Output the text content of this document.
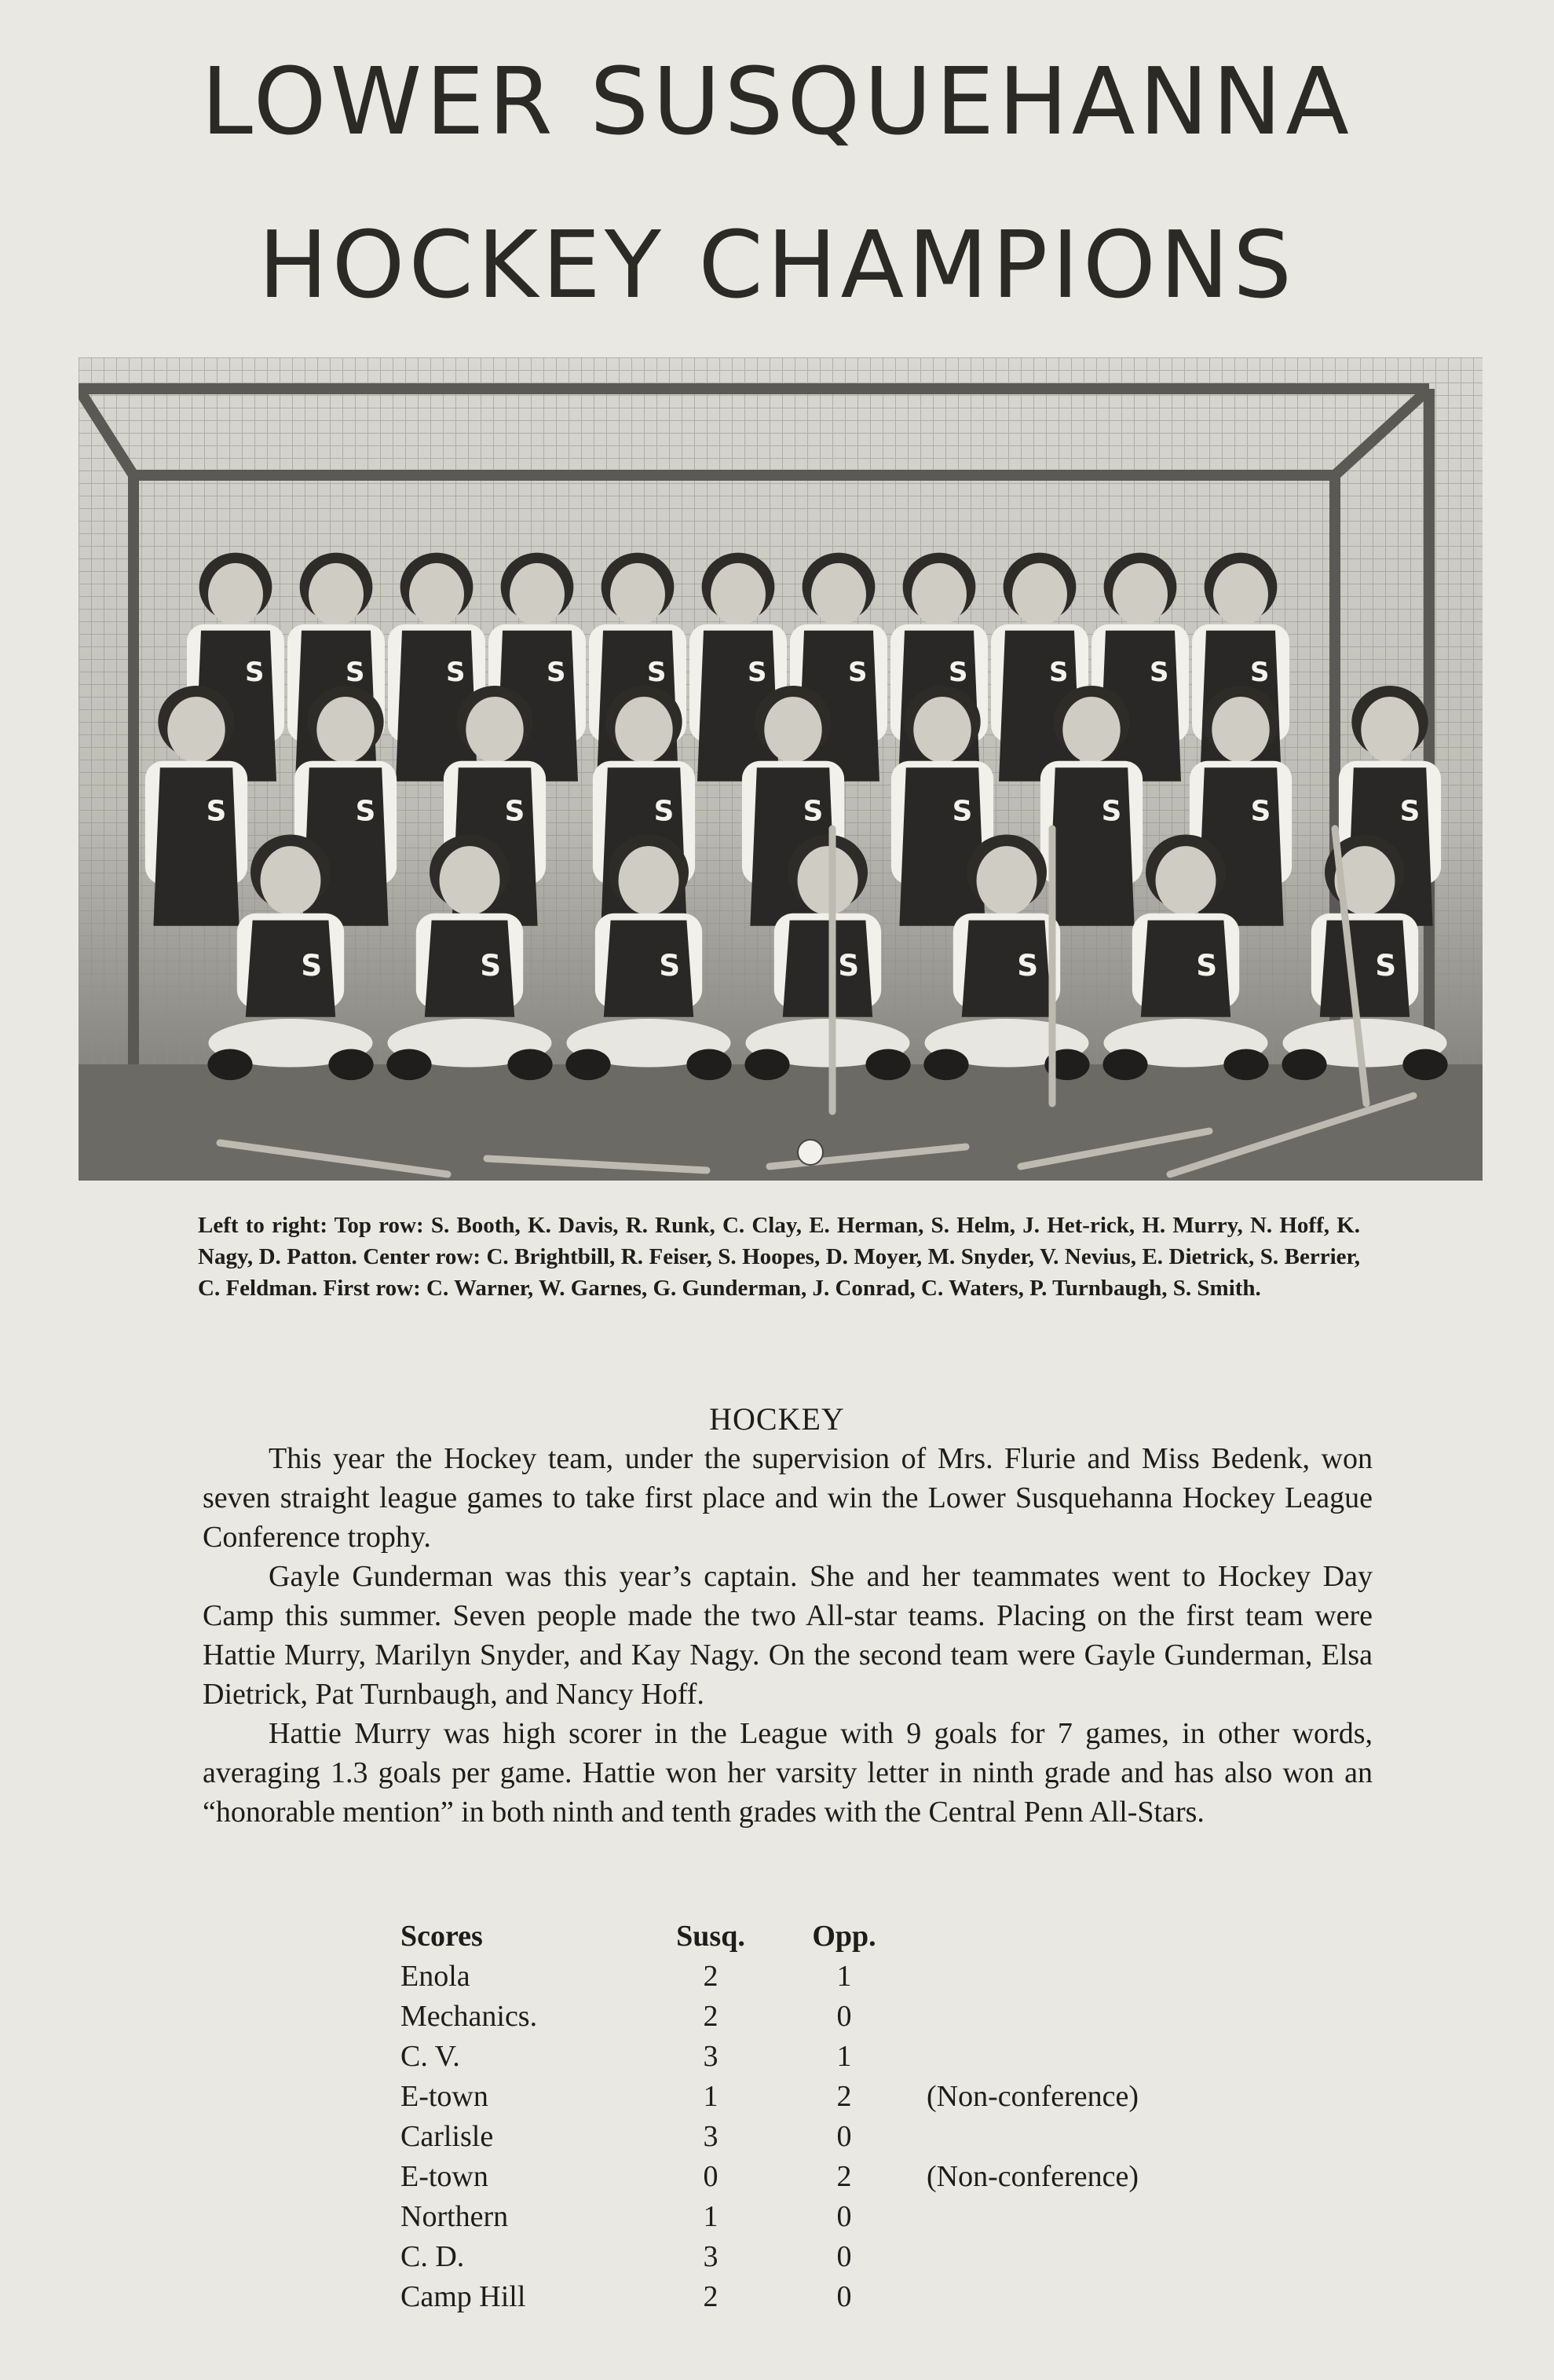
LOWER SUSQUEHANNA
HOCKEY CHAMPIONS
S	S	S	S	S	S	S	S	S	S	S
S	S	S	S	S	S	S	S	S
S	S	S	S	S	S	S

Left to right: Top row: S. Booth, K. Davis, R. Runk, C. Clay, E. Herman, S. Helm, J. Het-rick, H. Murry, N. Hoff, K. Nagy, D. Patton. Center row: C. Brightbill, R. Feiser, S. Hoopes, D. Moyer, M. Snyder, V. Nevius, E. Dietrick, S. Berrier, C. Feldman. First row: C. Warner, W. Garnes, G. Gunderman, J. Conrad, C. Waters, P. Turnbaugh, S. Smith.

HOCKEY

This year the Hockey team, under the supervision of Mrs. Flurie and Miss Bedenk, won seven straight league games to take first place and win the Lower Susquehanna Hockey League Conference trophy.

Gayle Gunderman was this year’s captain. She and her teammates went to Hockey Day Camp this summer. Seven people made the two All-star teams. Placing on the first team were Hattie Murry, Marilyn Snyder, and Kay Nagy. On the second team were Gayle Gunderman, Elsa Dietrick, Pat Turnbaugh, and Nancy Hoff.

Hattie Murry was high scorer in the League with 9 goals for 7 games, in other words, averaging 1.3 goals per game. Hattie won her varsity letter in ninth grade and has also won an “honorable mention” in both ninth and tenth grades with the Central Penn All-Stars.

Scores	Susq.	Opp.
Enola	2	1
Mechanics.	2	0
C. V.	3	1
E-town	1	2	(Non-conference)
Carlisle	3	0
E-town	0	2	(Non-conference)
Northern	1	0
C. D.	3	0
Camp Hill	2	0
